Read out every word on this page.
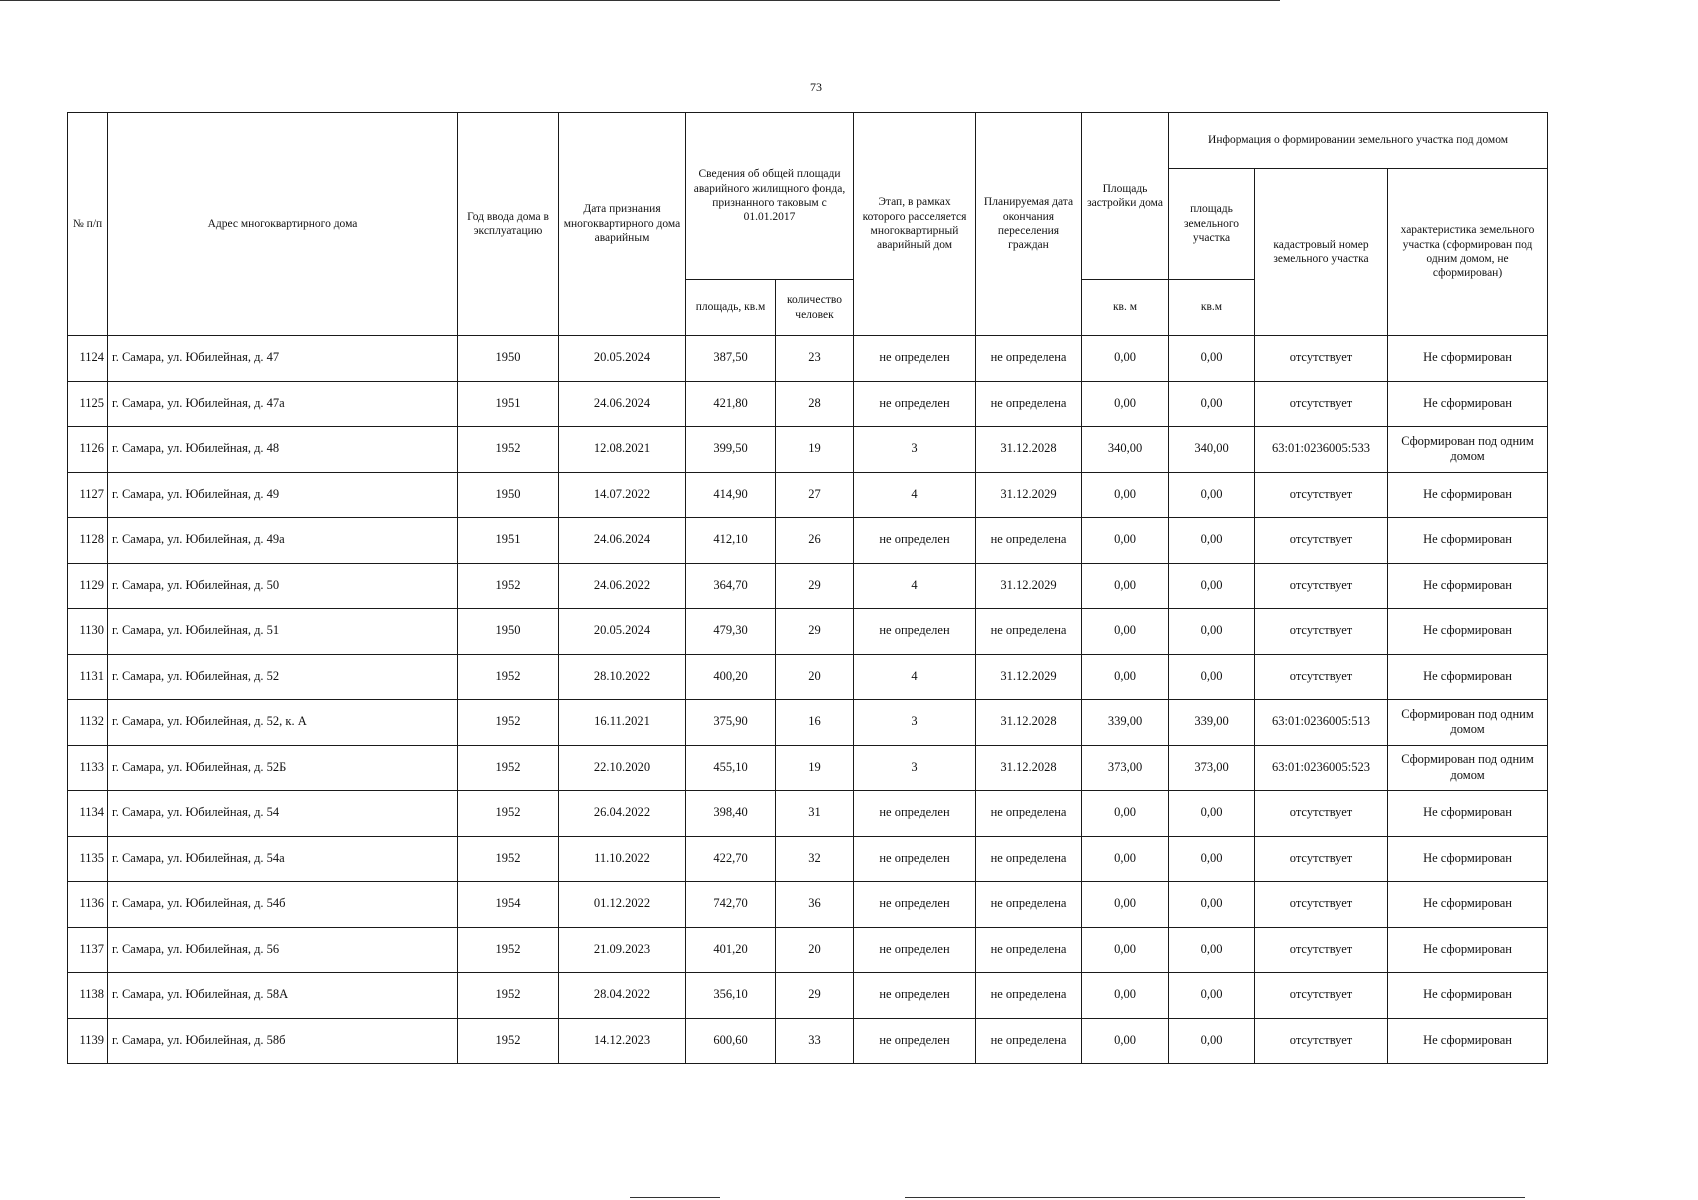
73
№ п/п	Адрес многоквартирного дома	Год ввода дома в эксплуатацию	Дата признания многоквартирного дома аварийным	Сведения об общей площади аварийного жилищного фонда, признанного таковым с 01.01.2017		Этап, в рамках которого расселяется многоквартирный аварийный дом	Планируемая дата окончания переселения граждан	Площадь застройки дома	Информация о формировании земельного участка под домом		
									площадь земельного участка	кадастровый номер земельного участка	характеристика земельного участка (сформирован под одним домом, не сформирован)
				площадь, кв.м	количество человек			кв. м	кв.м		
1124	г. Самара, ул. Юбилейная, д. 47	1950	20.05.2024	387,50	23	не определен	не определена	0,00	0,00	отсутствует	Не сформирован
1125	г. Самара, ул. Юбилейная, д. 47а	1951	24.06.2024	421,80	28	не определен	не определена	0,00	0,00	отсутствует	Не сформирован
1126	г. Самара, ул. Юбилейная, д. 48	1952	12.08.2021	399,50	19	3	31.12.2028	340,00	340,00	63:01:0236005:533	Сформирован под одним домом
1127	г. Самара, ул. Юбилейная, д. 49	1950	14.07.2022	414,90	27	4	31.12.2029	0,00	0,00	отсутствует	Не сформирован
1128	г. Самара, ул. Юбилейная, д. 49а	1951	24.06.2024	412,10	26	не определен	не определена	0,00	0,00	отсутствует	Не сформирован
1129	г. Самара, ул. Юбилейная, д. 50	1952	24.06.2022	364,70	29	4	31.12.2029	0,00	0,00	отсутствует	Не сформирован
1130	г. Самара, ул. Юбилейная, д. 51	1950	20.05.2024	479,30	29	не определен	не определена	0,00	0,00	отсутствует	Не сформирован
1131	г. Самара, ул. Юбилейная, д. 52	1952	28.10.2022	400,20	20	4	31.12.2029	0,00	0,00	отсутствует	Не сформирован
1132	г. Самара, ул. Юбилейная, д. 52, к. А	1952	16.11.2021	375,90	16	3	31.12.2028	339,00	339,00	63:01:0236005:513	Сформирован под одним домом
1133	г. Самара, ул. Юбилейная, д. 52Б	1952	22.10.2020	455,10	19	3	31.12.2028	373,00	373,00	63:01:0236005:523	Сформирован под одним домом
1134	г. Самара, ул. Юбилейная, д. 54	1952	26.04.2022	398,40	31	не определен	не определена	0,00	0,00	отсутствует	Не сформирован
1135	г. Самара, ул. Юбилейная, д. 54а	1952	11.10.2022	422,70	32	не определен	не определена	0,00	0,00	отсутствует	Не сформирован
1136	г. Самара, ул. Юбилейная, д. 54б	1954	01.12.2022	742,70	36	не определен	не определена	0,00	0,00	отсутствует	Не сформирован
1137	г. Самара, ул. Юбилейная, д. 56	1952	21.09.2023	401,20	20	не определен	не определена	0,00	0,00	отсутствует	Не сформирован
1138	г. Самара, ул. Юбилейная, д. 58А	1952	28.04.2022	356,10	29	не определен	не определена	0,00	0,00	отсутствует	Не сформирован
1139	г. Самара, ул. Юбилейная, д. 58б	1952	14.12.2023	600,60	33	не определен	не определена	0,00	0,00	отсутствует	Не сформирован
